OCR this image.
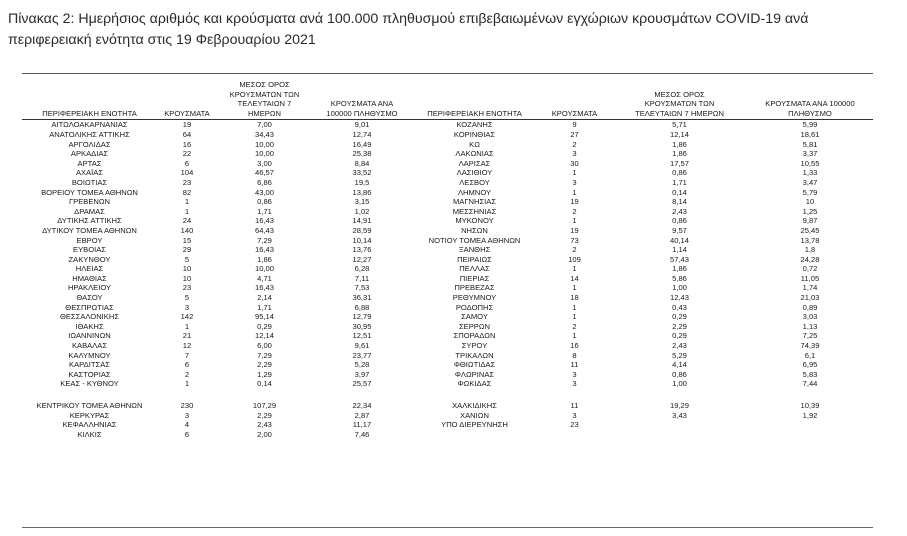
Πίνακας 2: Ημερήσιος αριθμός και κρούσματα ανά 100.000 πληθυσμού επιβεβαιωμένων εγχώριων κρουσμάτων COVID-19 ανά περιφερειακή ενότητα στις 19 Φεβρουαρίου 2021
ΠΕΡΙΦΕΡΕΙΑΚΗ ΕΝΟΤΗΤΑ	ΚΡΟΥΣΜΑΤΑ	ΜΕΣΟΣ ΟΡΟΣ ΚΡΟΥΣΜΑΤΩΝ ΤΩΝ ΤΕΛΕΥΤΑΙΩΝ 7 ΗΜΕΡΩΝ	ΚΡΟΥΣΜΑΤΑ ΑΝΑ 100000 ΠΛΗΘΥΣΜΟ	ΠΕΡΙΦΕΡΕΙΑΚΗ ΕΝΟΤΗΤΑ	ΚΡΟΥΣΜΑΤΑ	ΜΕΣΟΣ ΟΡΟΣ ΚΡΟΥΣΜΑΤΩΝ ΤΩΝ ΤΕΛΕΥΤΑΙΩΝ 7 ΗΜΕΡΩΝ	ΚΡΟΥΣΜΑΤΑ ΑΝΑ 100000 ΠΛΗΘΥΣΜΟ
ΑΙΤΩΛΟΑΚΑΡΝΑΝΙΑΣ	19	7,00	9,01	ΚΟΖΑΝΗΣ	9	5,71	5,99
ΑΝΑΤΟΛΙΚΗΣ ΑΤΤΙΚΗΣ	64	34,43	12,74	ΚΟΡΙΝΘΙΑΣ	27	12,14	18,61
ΑΡΓΟΛΙΔΑΣ	16	10,00	16,49	ΚΩ	2	1,86	5,81
ΑΡΚΑΔΙΑΣ	22	10,00	25,38	ΛΑΚΩΝΙΑΣ	3	1,86	3,37
ΑΡΤΑΣ	6	3,00	8,84	ΛΑΡΙΣΑΣ	30	17,57	10,55
ΑΧΑΪΑΣ	104	46,57	33,52	ΛΑΣΙΘΙΟΥ	1	0,86	1,33
ΒΟΙΩΤΙΑΣ	23	6,86	19,5	ΛΕΣΒΟΥ	3	1,71	3,47
ΒΟΡΕΙΟΥ ΤΟΜΕΑ ΑΘΗΝΩΝ	82	43,00	13,86	ΛΗΜΝΟΥ	1	0,14	5,79
ΓΡΕΒΕΝΩΝ	1	0,86	3,15	ΜΑΓΝΗΣΙΑΣ	19	8,14	10
ΔΡΑΜΑΣ	1	1,71	1,02	ΜΕΣΣΗΝΙΑΣ	2	2,43	1,25
ΔΥΤΙΚΗΣ ΑΤΤΙΚΗΣ	24	16,43	14,91	ΜΥΚΟΝΟΥ	1	0,86	9,87
ΔΥΤΙΚΟΥ ΤΟΜΕΑ ΑΘΗΝΩΝ	140	64,43	28,59	ΝΗΣΩΝ	19	9,57	25,45
ΕΒΡΟΥ	15	7,29	10,14	ΝΟΤΙΟΥ ΤΟΜΕΑ ΑΘΗΝΩΝ	73	40,14	13,78
ΕΥΒΟΙΑΣ	29	16,43	13,76	ΞΑΝΘΗΣ	2	1,14	1,8
ΖΑΚΥΝΘΟΥ	5	1,86	12,27	ΠΕΙΡΑΙΩΣ	109	57,43	24,28
ΗΛΕΙΑΣ	10	10,00	6,28	ΠΕΛΛΑΣ	1	1,86	0,72
ΗΜΑΘΙΑΣ	10	4,71	7,11	ΠΙΕΡΙΑΣ	14	5,86	11,05
ΗΡΑΚΛΕΙΟΥ	23	16,43	7,53	ΠΡΕΒΕΖΑΣ	1	1,00	1,74
ΘΑΣΟΥ	5	2,14	36,31	ΡΕΘΥΜΝΟΥ	18	12,43	21,03
ΘΕΣΠΡΩΤΙΑΣ	3	1,71	6,88	ΡΟΔΟΠΗΣ	1	0,43	0,89
ΘΕΣΣΑΛΟΝΙΚΗΣ	142	95,14	12,79	ΣΑΜΟΥ	1	0,29	3,03
ΙΘΑΚΗΣ	1	0,29	30,95	ΣΕΡΡΩΝ	2	2,29	1,13
ΙΩΑΝΝΙΝΩΝ	21	12,14	12,51	ΣΠΟΡΑΔΩΝ	1	0,29	7,25
ΚΑΒΑΛΑΣ	12	6,00	9,61	ΣΥΡΟΥ	16	2,43	74,39
ΚΑΛΥΜΝΟΥ	7	7,29	23,77	ΤΡΙΚΑΛΩΝ	8	5,29	6,1
ΚΑΡΔΙΤΣΑΣ	6	2,29	5,28	ΦΘΙΩΤΙΔΑΣ	11	4,14	6,95
ΚΑΣΤΟΡΙΑΣ	2	1,29	3,97	ΦΛΩΡΙΝΑΣ	3	0,86	5,83
ΚΕΑΣ - ΚΥΘΝΟΥ	1	0,14	25,57	ΦΩΚΙΔΑΣ	3	1,00	7,44

ΚΕΝΤΡΙΚΟΥ ΤΟΜΕΑ ΑΘΗΝΩΝ	230	107,29	22,34	ΧΑΛΚΙΔΙΚΗΣ	11	19,29	10,39
ΚΕΡΚΥΡΑΣ	3	2,29	2,87	ΧΑΝΙΩΝ	3	3,43	1,92
ΚΕΦΑΛΛΗΝΙΑΣ	4	2,43	11,17	ΥΠΟ ΔΙΕΡΕΥΝΗΣΗ	23		
ΚΙΛΚΙΣ	6	2,00	7,46				
